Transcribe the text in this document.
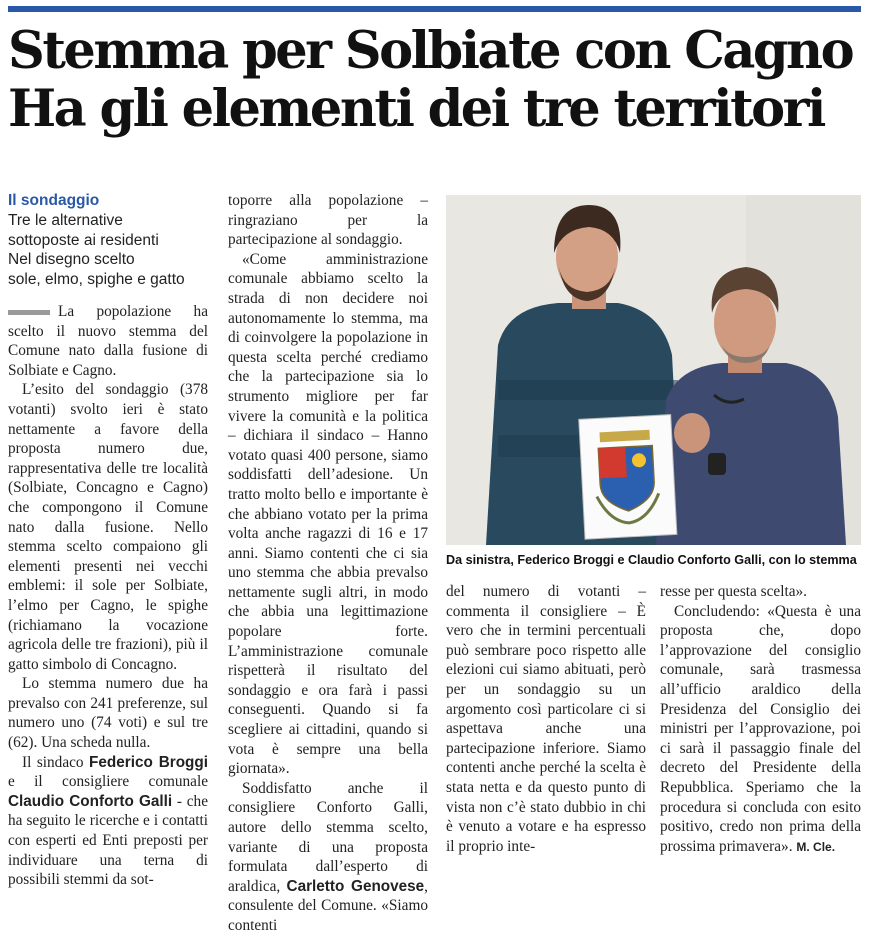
Stemma per Solbiate con Cagno
Ha gli elementi dei tre territori
Il sondaggio
Tre le alternative
sottoposte ai residenti
Nel disegno scelto
sole, elmo, spighe e gatto

La popolazione ha scelto il nuovo stemma del Comune nato dalla fusione di Solbiate e Cagno.

L’esito del sondaggio (378 votanti) svolto ieri è stato nettamente a favore della proposta numero due, rappresentativa delle tre località (Solbiate, Concagno e Cagno) che compongono il Comune nato dalla fusione. Nello stemma scelto compaiono gli elementi presenti nei vecchi emblemi: il sole per Solbiate, l’elmo per Cagno, le spighe (richiamano la vocazione agricola delle tre frazioni), più il gatto simbolo di Concagno.

Lo stemma numero due ha prevalso con 241 preferenze, sul numero uno (74 voti) e sul tre (62). Una scheda nulla.

Il sindaco Federico Broggi e il consigliere comunale Claudio Conforto Galli - che ha seguito le ricerche e i contatti con esperti ed Enti preposti per individuare una terna di possibili stemmi da sot-

toporre alla popolazione – ringraziano per la partecipazione al sondaggio.

«Come amministrazione comunale abbiamo scelto la strada di non decidere noi autonomamente lo stemma, ma di coinvolgere la popolazione in questa scelta perché crediamo che la partecipazione sia lo strumento migliore per far vivere la comunità e la politica – dichiara il sindaco – Hanno votato quasi 400 persone, siamo soddisfatti dell’adesione. Un tratto molto bello e importante è che abbiano votato per la prima volta anche ragazzi di 16 e 17 anni. Siamo contenti che ci sia uno stemma che abbia prevalso nettamente sugli altri, in modo che abbia una legittimazione popolare forte. L’amministrazione comunale rispetterà il risultato del sondaggio e ora farà i passi conseguenti. Quando si fa scegliere ai cittadini, quando si vota è sempre una bella giornata».

Soddisfatto anche il consigliere Conforto Galli, autore dello stemma scelto, variante di una proposta formulata dall’esperto di araldica, Carletto Genovese, consulente del Comune. «Siamo contenti

Da sinistra, Federico Broggi e Claudio Conforto Galli, con lo stemma

del numero di votanti – commenta il consigliere – È vero che in termini percentuali può sembrare poco rispetto alle elezioni cui siamo abituati, però per un sondaggio su un argomento così particolare ci si aspettava anche una partecipazione inferiore. Siamo contenti anche perché la scelta è stata netta e da questo punto di vista non c’è stato dubbio in chi è venuto a votare e ha espresso il proprio inte-

resse per questa scelta».

Concludendo: «Questa è una proposta che, dopo l’approvazione del consiglio comunale, sarà trasmessa all’ufficio araldico della Presidenza del Consiglio dei ministri per l’approvazione, poi ci sarà il passaggio finale del decreto del Presidente della Repubblica. Speriamo che la procedura si concluda con esito positivo, credo non prima della prossima primavera». M. Cle.
